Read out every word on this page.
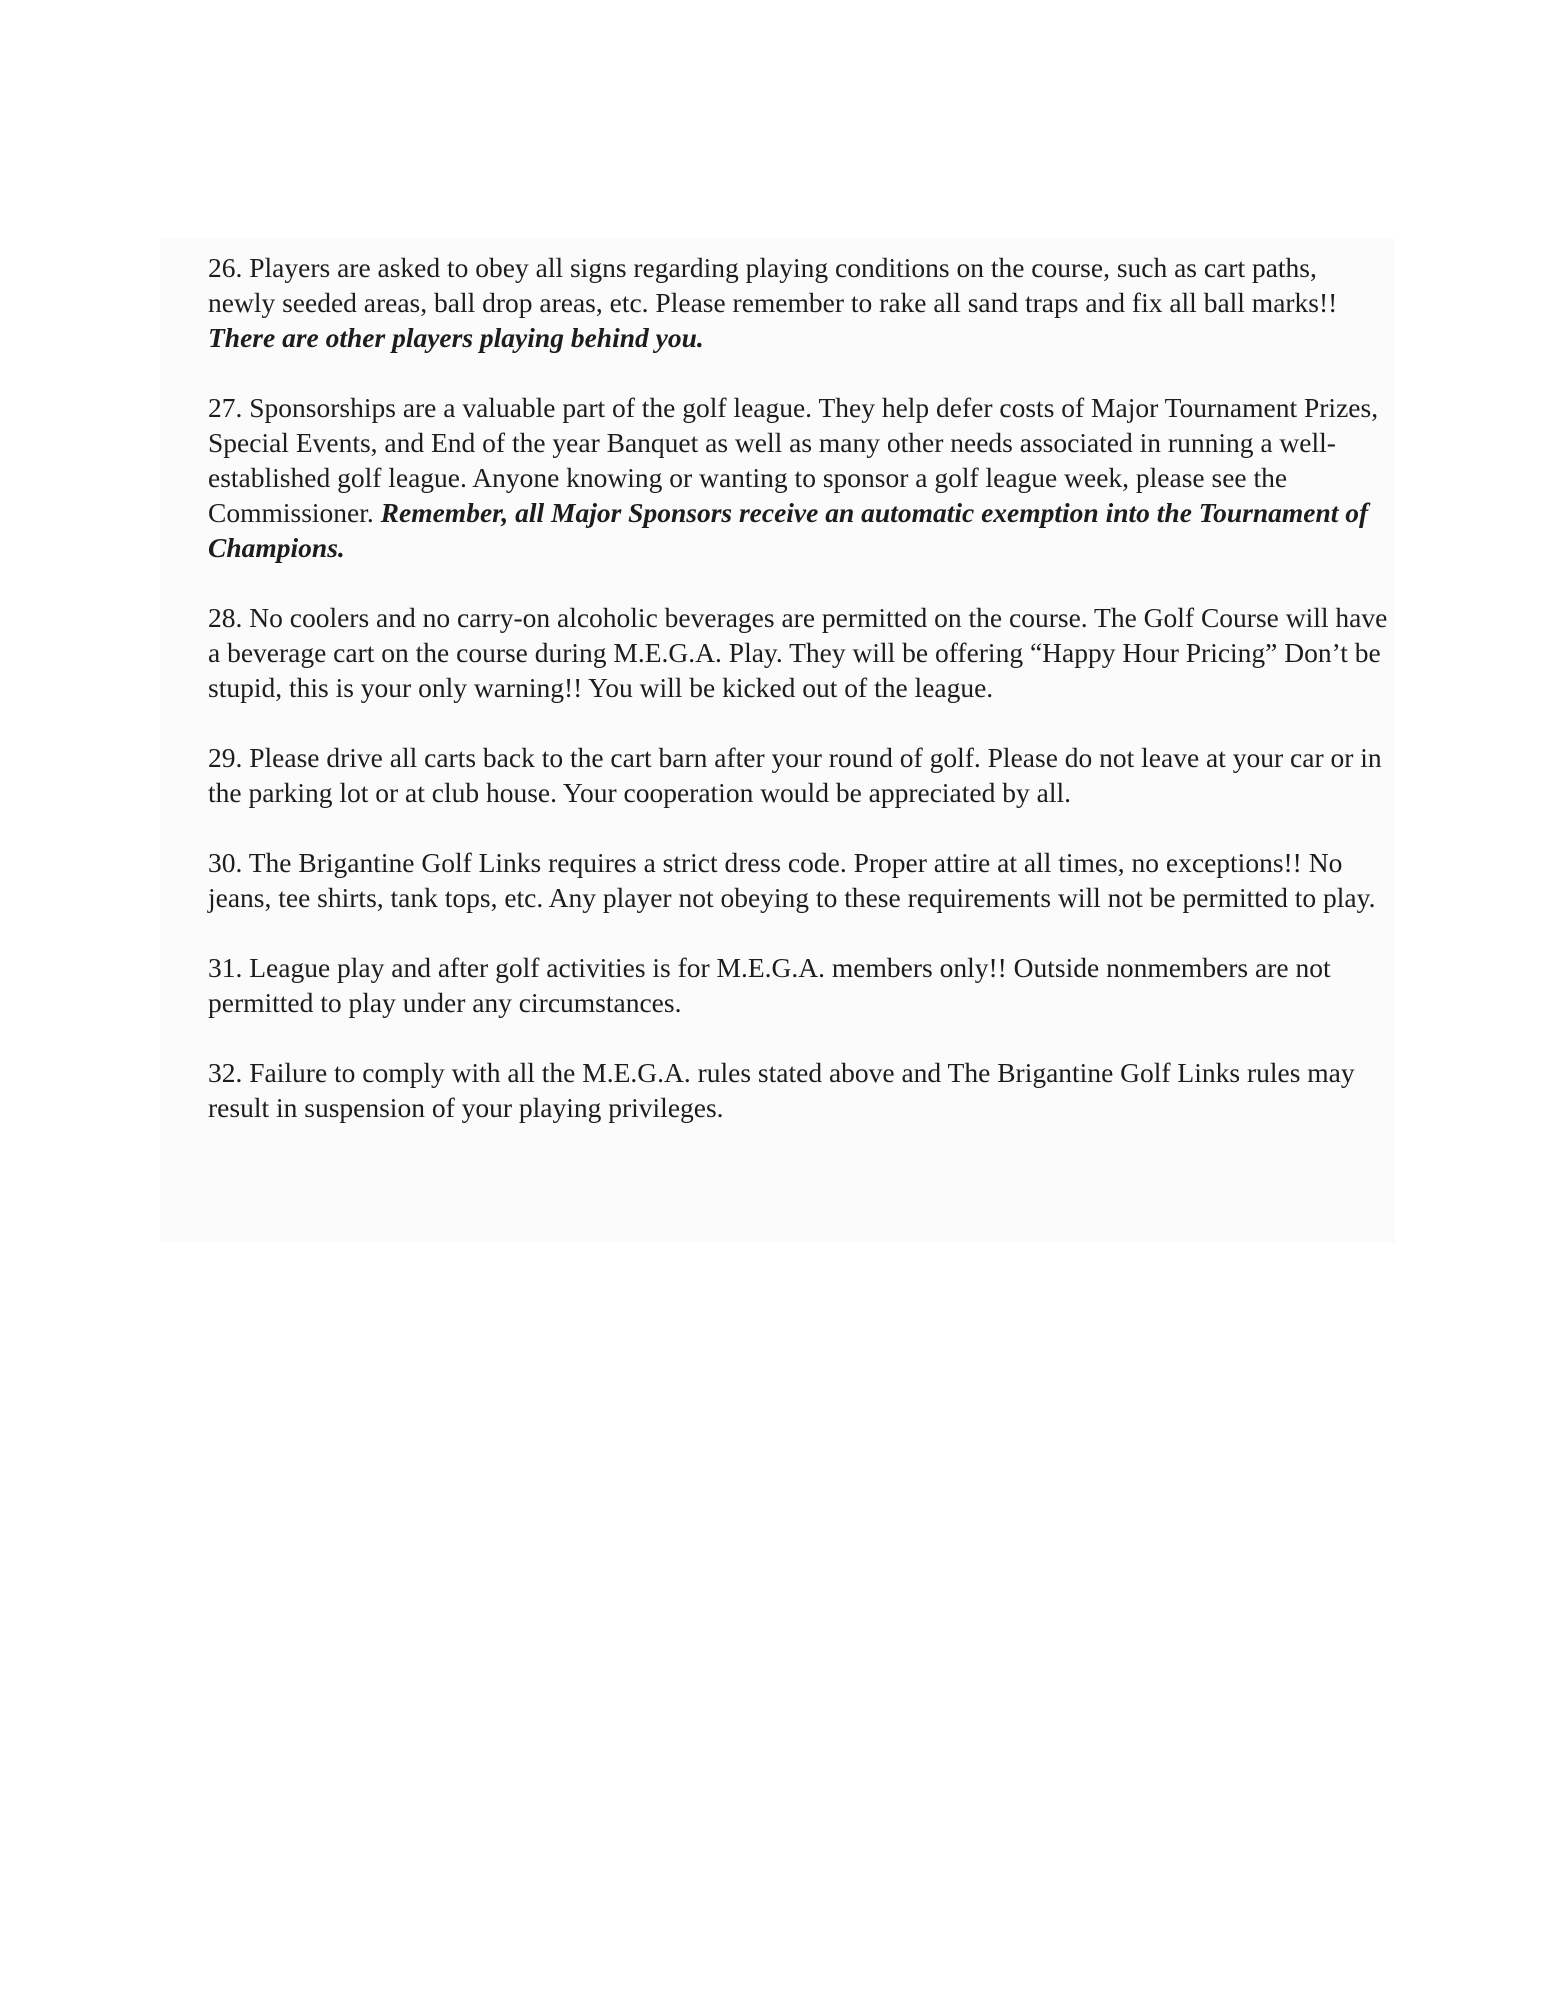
26. Players are asked to obey all signs regarding playing conditions on the course, such as cart paths, newly seeded areas, ball drop areas, etc. Please remember to rake all sand traps and fix all ball marks!! There are other players playing behind you.

27. Sponsorships are a valuable part of the golf league. They help defer costs of Major Tournament Prizes, Special Events, and End of the year Banquet as well as many other needs associated in running a well-established golf league. Anyone knowing or wanting to sponsor a golf league week, please see the Commissioner. Remember, all Major Sponsors receive an automatic exemption into the Tournament of Champions.

28. No coolers and no carry-on alcoholic beverages are permitted on the course. The Golf Course will have a beverage cart on the course during M.E.G.A. Play. They will be offering “Happy Hour Pricing” Don’t be stupid, this is your only warning!! You will be kicked out of the league.

29. Please drive all carts back to the cart barn after your round of golf. Please do not leave at your car or in the parking lot or at club house. Your cooperation would be appreciated by all.

30. The Brigantine Golf Links requires a strict dress code. Proper attire at all times, no exceptions!! No jeans, tee shirts, tank tops, etc. Any player not obeying to these requirements will not be permitted to play.

31. League play and after golf activities is for M.E.G.A. members only!! Outside nonmembers are not permitted to play under any circumstances.

32. Failure to comply with all the M.E.G.A. rules stated above and The Brigantine Golf Links rules may result in suspension of your playing privileges.
